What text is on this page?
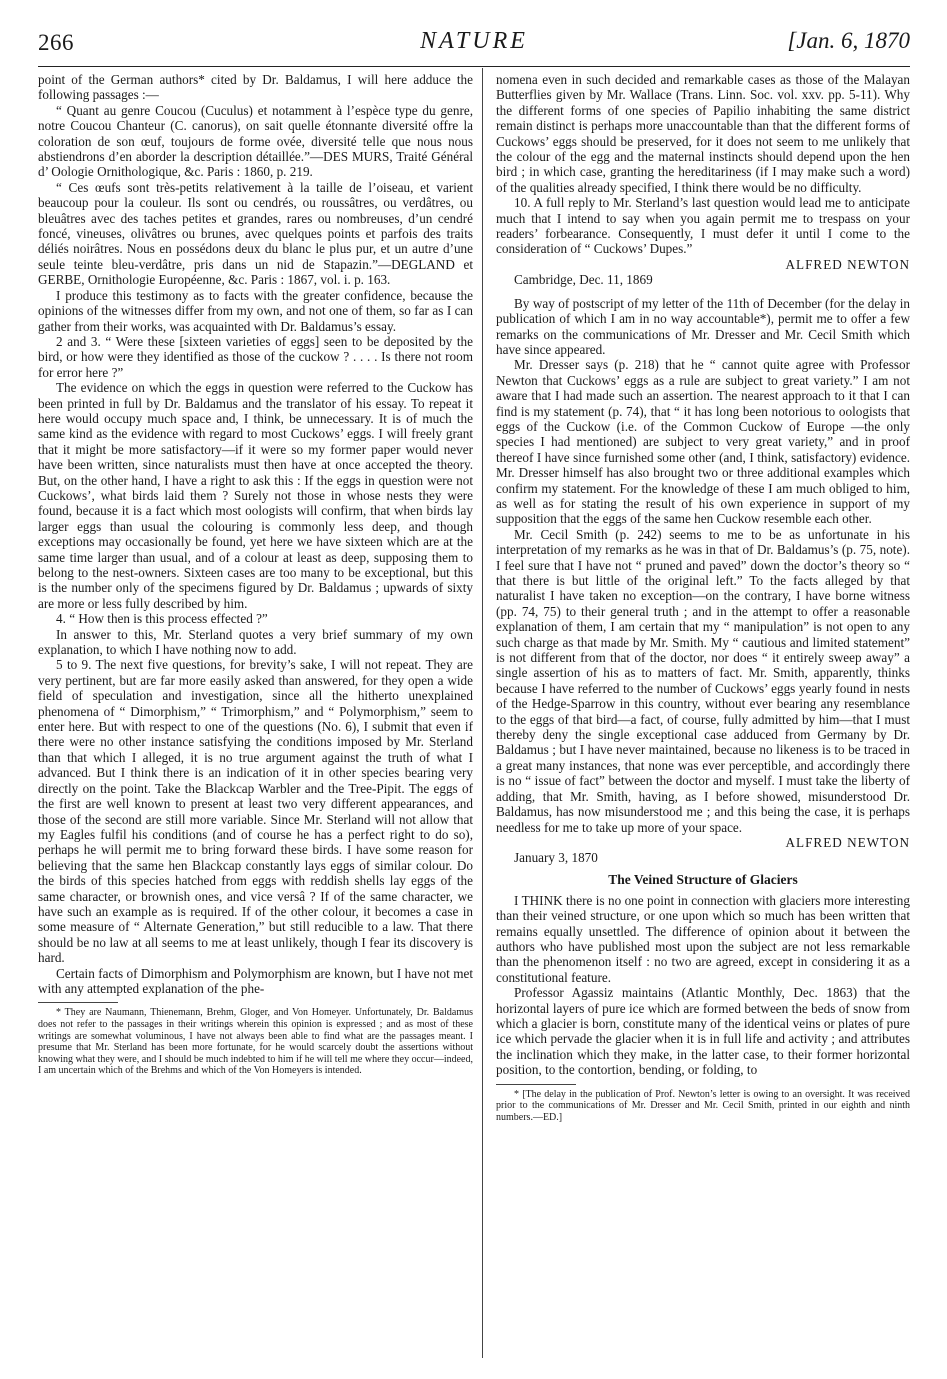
266	NATURE	[Jan. 6, 1870

point of the German authors* cited by Dr. Baldamus, I will here adduce the following passages :—

“ Quant au genre Coucou (Cuculus) et notamment à l’espèce type du genre, notre Coucou Chanteur (C. canorus), on sait quelle étonnante diversité offre la coloration de son œuf, toujours de forme ovée, diversité telle que nous nous abstiendrons d’en aborder la description détaillée.”—DES MURS, Traité Général d’ Oologie Ornithologique, &c. Paris : 1860, p. 219.

“ Ces œufs sont très-petits relativement à la taille de l’oiseau, et varient beaucoup pour la couleur. Ils sont ou cendrés, ou roussâtres, ou verdâtres, ou bleuâtres avec des taches petites et grandes, rares ou nombreuses, d’un cendré foncé, vineuses, olivâtres ou brunes, avec quelques points et parfois des traits déliés noirâtres. Nous en possédons deux du blanc le plus pur, et un autre d’une seule teinte bleu-verdâtre, pris dans un nid de Stapazin.”—DEGLAND et GERBE, Ornithologie Européenne, &c. Paris : 1867, vol. i. p. 163.

I produce this testimony as to facts with the greater confidence, because the opinions of the witnesses differ from my own, and not one of them, so far as I can gather from their works, was acquainted with Dr. Baldamus’s essay.

2 and 3. “ Were these [sixteen varieties of eggs] seen to be deposited by the bird, or how were they identified as those of the cuckow ? . . . . Is there not room for error here ?”

The evidence on which the eggs in question were referred to the Cuckow has been printed in full by Dr. Baldamus and the translator of his essay. To repeat it here would occupy much space and, I think, be unnecessary. It is of much the same kind as the evidence with regard to most Cuckows’ eggs. I will freely grant that it might be more satisfactory—if it were so my former paper would never have been written, since naturalists must then have at once accepted the theory. But, on the other hand, I have a right to ask this : If the eggs in question were not Cuckows’, what birds laid them ? Surely not those in whose nests they were found, because it is a fact which most oologists will confirm, that when birds lay larger eggs than usual the colouring is commonly less deep, and though exceptions may occasionally be found, yet here we have sixteen which are at the same time larger than usual, and of a colour at least as deep, supposing them to belong to the nest-owners. Sixteen cases are too many to be exceptional, but this is the number only of the specimens figured by Dr. Baldamus ; upwards of sixty are more or less fully described by him.

4. “ How then is this process effected ?”

In answer to this, Mr. Sterland quotes a very brief summary of my own explanation, to which I have nothing now to add.

5 to 9. The next five questions, for brevity’s sake, I will not repeat. They are very pertinent, but are far more easily asked than answered, for they open a wide field of speculation and investigation, since all the hitherto unexplained phenomena of “ Dimorphism,” “ Trimorphism,” and “ Polymorphism,” seem to enter here. But with respect to one of the questions (No. 6), I submit that even if there were no other instance satisfying the conditions imposed by Mr. Sterland than that which I alleged, it is no true argument against the truth of what I advanced. But I think there is an indication of it in other species bearing very directly on the point. Take the Blackcap Warbler and the Tree-Pipit. The eggs of the first are well known to present at least two very different appearances, and those of the second are still more variable. Since Mr. Sterland will not allow that my Eagles fulfil his conditions (and of course he has a perfect right to do so), perhaps he will permit me to bring forward these birds. I have some reason for believing that the same hen Blackcap constantly lays eggs of similar colour. Do the birds of this species hatched from eggs with reddish shells lay eggs of the same character, or brownish ones, and vice versâ ? If of the same character, we have such an example as is required. If of the other colour, it becomes a case in some measure of “ Alternate Generation,” but still reducible to a law. That there should be no law at all seems to me at least unlikely, though I fear its discovery is hard.

Certain facts of Dimorphism and Polymorphism are known, but I have not met with any attempted explanation of the phe-

* They are Naumann, Thienemann, Brehm, Gloger, and Von Homeyer. Unfortunately, Dr. Baldamus does not refer to the passages in their writings wherein this opinion is expressed ; and as most of these writings are somewhat voluminous, I have not always been able to find what are the passages meant. I presume that Mr. Sterland has been more fortunate, for he would scarcely doubt the assertions without knowing what they were, and I should be much indebted to him if he will tell me where they occur—indeed, I am uncertain which of the Brehms and which of the Von Homeyers is intended.

nomena even in such decided and remarkable cases as those of the Malayan Butterflies given by Mr. Wallace (Trans. Linn. Soc. vol. xxv. pp. 5-11). Why the different forms of one species of Papilio inhabiting the same district remain distinct is perhaps more unaccountable than that the different forms of Cuckows’ eggs should be preserved, for it does not seem to me unlikely that the colour of the egg and the maternal instincts should depend upon the hen bird ; in which case, granting the hereditariness (if I may make such a word) of the qualities already specified, I think there would be no difficulty.

10. A full reply to Mr. Sterland’s last question would lead me to anticipate much that I intend to say when you again permit me to trespass on your readers’ forbearance. Consequently, I must defer it until I come to the consideration of “ Cuckows’ Dupes.”

ALFRED NEWTON

Cambridge, Dec. 11, 1869

By way of postscript of my letter of the 11th of December (for the delay in publication of which I am in no way accountable*), permit me to offer a few remarks on the communications of Mr. Dresser and Mr. Cecil Smith which have since appeared.

Mr. Dresser says (p. 218) that he “ cannot quite agree with Professor Newton that Cuckows’ eggs as a rule are subject to great variety.” I am not aware that I had made such an assertion. The nearest approach to it that I can find is my statement (p. 74), that “ it has long been notorious to oologists that eggs of the Cuckow (i.e. of the Common Cuckow of Europe —the only species I had mentioned) are subject to very great variety,” and in proof thereof I have since furnished some other (and, I think, satisfactory) evidence. Mr. Dresser himself has also brought two or three additional examples which confirm my statement. For the knowledge of these I am much obliged to him, as well as for stating the result of his own experience in support of my supposition that the eggs of the same hen Cuckow resemble each other.

Mr. Cecil Smith (p. 242) seems to me to be as unfortunate in his interpretation of my remarks as he was in that of Dr. Baldamus’s (p. 75, note). I feel sure that I have not “ pruned and paved” down the doctor’s theory so “ that there is but little of the original left.” To the facts alleged by that naturalist I have taken no exception—on the contrary, I have borne witness (pp. 74, 75) to their general truth ; and in the attempt to offer a reasonable explanation of them, I am certain that my “ manipulation” is not open to any such charge as that made by Mr. Smith. My “ cautious and limited statement” is not different from that of the doctor, nor does “ it entirely sweep away” a single assertion of his as to matters of fact. Mr. Smith, apparently, thinks because I have referred to the number of Cuckows’ eggs yearly found in nests of the Hedge-Sparrow in this country, without ever bearing any resemblance to the eggs of that bird—a fact, of course, fully admitted by him—that I must thereby deny the single exceptional case adduced from Germany by Dr. Baldamus ; but I have never maintained, because no likeness is to be traced in a great many instances, that none was ever perceptible, and accordingly there is no “ issue of fact” between the doctor and myself. I must take the liberty of adding, that Mr. Smith, having, as I before showed, misunderstood Dr. Baldamus, has now misunderstood me ; and this being the case, it is perhaps needless for me to take up more of your space.

ALFRED NEWTON

January 3, 1870

The Veined Structure of Glaciers

I THINK there is no one point in connection with glaciers more interesting than their veined structure, or one upon which so much has been written that remains equally unsettled. The difference of opinion about it between the authors who have published most upon the subject are not less remarkable than the phenomenon itself : no two are agreed, except in considering it as a constitutional feature.

Professor Agassiz maintains (Atlantic Monthly, Dec. 1863) that the horizontal layers of pure ice which are formed between the beds of snow from which a glacier is born, constitute many of the identical veins or plates of pure ice which pervade the glacier when it is in full life and activity ; and attributes the inclination which they make, in the latter case, to their former horizontal position, to the contortion, bending, or folding, to

* [The delay in the publication of Prof. Newton’s letter is owing to an oversight. It was received prior to the communications of Mr. Dresser and Mr. Cecil Smith, printed in our eighth and ninth numbers.—ED.]
